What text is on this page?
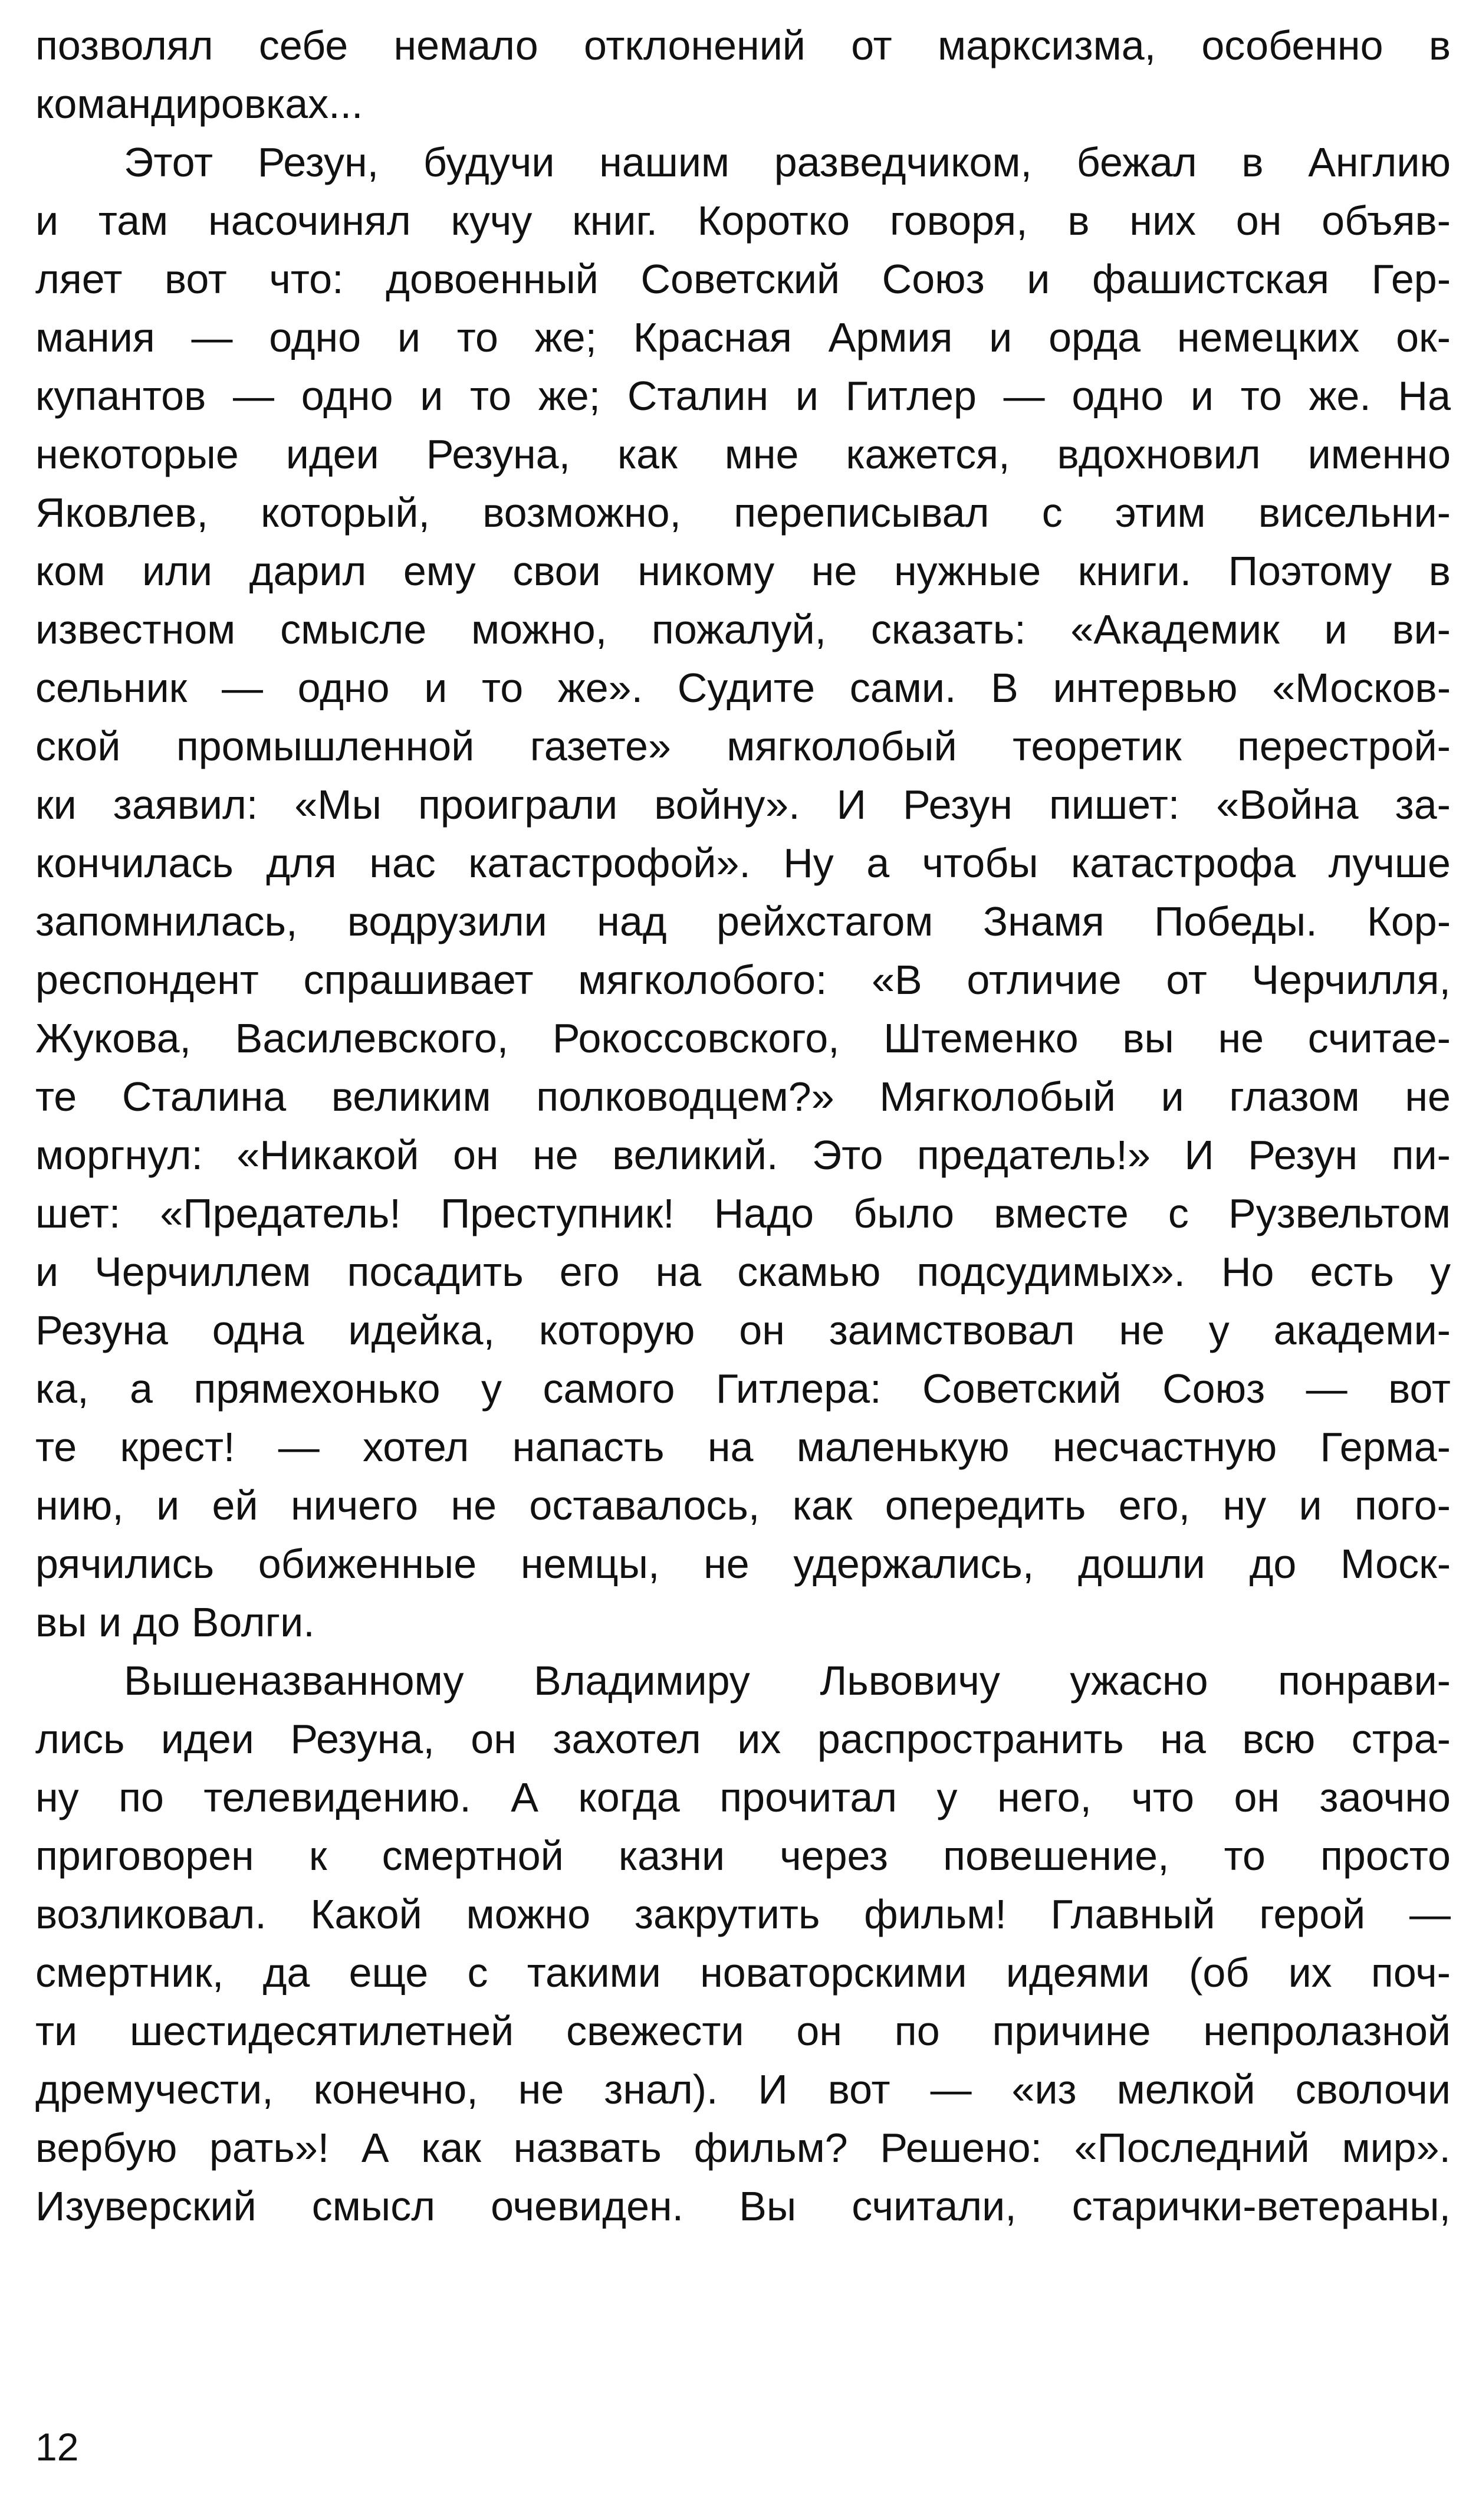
позволял себе немало отклонений от марксизма, особенно в
командировках...
Этот Резун, будучи нашим разведчиком, бежал в Англию
и там насочинял кучу книг. Коротко говоря, в них он объяв-
ляет вот что: довоенный Советский Союз и фашистская Гер-
мания — одно и то же; Красная Армия и орда немецких ок-
купантов — одно и то же; Сталин и Гитлер — одно и то же. На
некоторые идеи Резуна, как мне кажется, вдохновил именно
Яковлев, который, возможно, переписывал с этим висельни-
ком или дарил ему свои никому не нужные книги. Поэтому в
известном смысле можно, пожалуй, сказать: «Академик и ви-
сельник — одно и то же». Судите сами. В интервью «Москов-
ской промышленной газете» мягколобый теоретик перестрой-
ки заявил: «Мы проиграли войну». И Резун пишет: «Война за-
кончилась для нас катастрофой». Ну а чтобы катастрофа лучше
запомнилась, водрузили над рейхстагом Знамя Победы. Кор-
респондент спрашивает мягколобого: «В отличие от Черчилля,
Жукова, Василевского, Рокоссовского, Штеменко вы не считае-
те Сталина великим полководцем?» Мягколобый и глазом не
моргнул: «Никакой он не великий. Это предатель!» И Резун пи-
шет: «Предатель! Преступник! Надо было вместе с Рузвельтом
и Черчиллем посадить его на скамью подсудимых». Но есть у
Резуна одна идейка, которую он заимствовал не у академи-
ка, а прямехонько у самого Гитлера: Советский Союз — вот
те крест! — хотел напасть на маленькую несчастную Герма-
нию, и ей ничего не оставалось, как опередить его, ну и пого-
рячились обиженные немцы, не удержались, дошли до Моск-
вы и до Волги.
Вышеназванному Владимиру Львовичу ужасно понрави-
лись идеи Резуна, он захотел их распространить на всю стра-
ну по телевидению. А когда прочитал у него, что он заочно
приговорен к смертной казни через повешение, то просто
возликовал. Какой можно закрутить фильм! Главный герой —
смертник, да еще с такими новаторскими идеями (об их поч-
ти шестидесятилетней свежести он по причине непролазной
дремучести, конечно, не знал). И вот — «из мелкой сволочи
вербую рать»! А как назвать фильм? Решено: «Последний мир».
Изуверский смысл очевиден. Вы считали, старички-ветераны,
12
